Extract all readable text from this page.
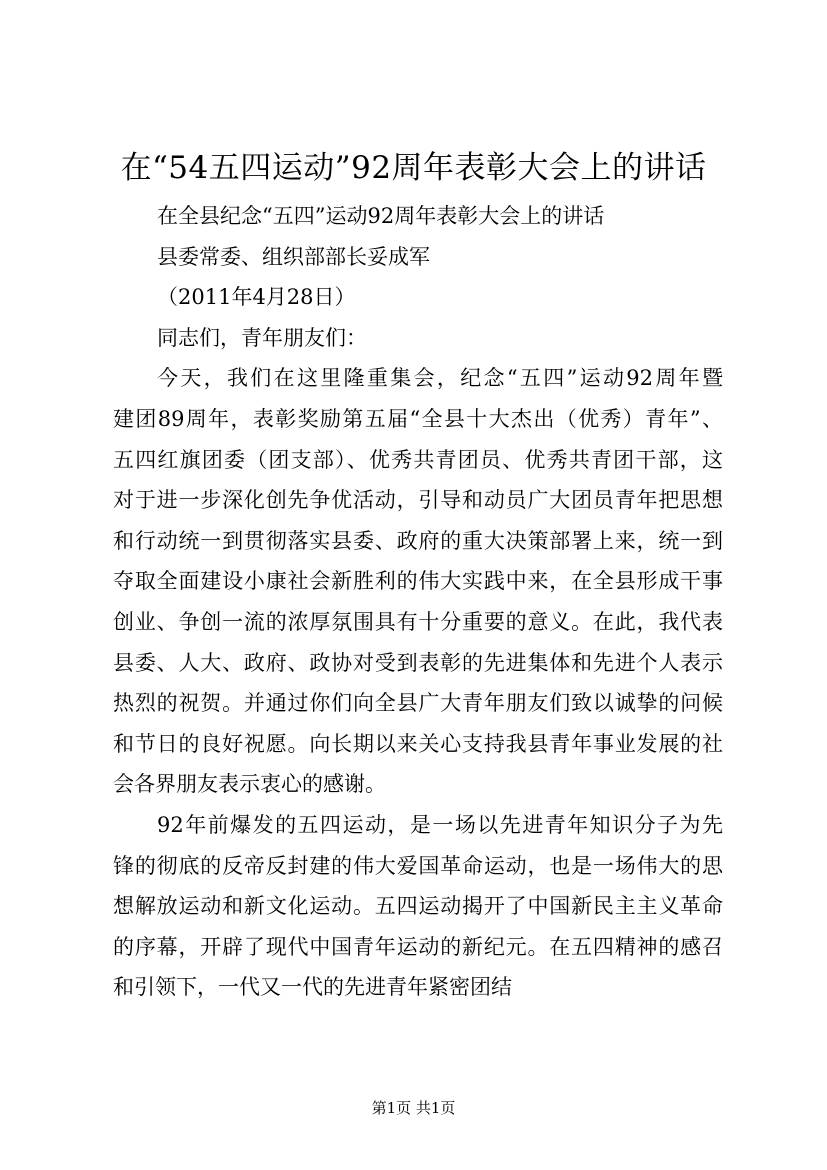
在“54五四运动”92周年表彰大会上的讲话
在全县纪念“五四”运动92周年表彰大会上的讲话
县委常委、组织部部长妥成军
（2011年4月28日）
同志们，青年朋友们：
今天，我们在这里隆重集会，纪念“五四”运动92周年暨
建团89周年，表彰奖励第五届“全县十大杰出（优秀）青年”、
五四红旗团委（团支部）、优秀共青团员、优秀共青团干部，这
对于进一步深化创先争优活动，引导和动员广大团员青年把思想
和行动统一到贯彻落实县委、政府的重大决策部署上来，统一到
夺取全面建设小康社会新胜利的伟大实践中来，在全县形成干事
创业、争创一流的浓厚氛围具有十分重要的意义。在此，我代表
县委、人大、政府、政协对受到表彰的先进集体和先进个人表示
热烈的祝贺。并通过你们向全县广大青年朋友们致以诚挚的问候
和节日的良好祝愿。向长期以来关心支持我县青年事业发展的社
会各界朋友表示衷心的感谢。
92年前爆发的五四运动，是一场以先进青年知识分子为先
锋的彻底的反帝反封建的伟大爱国革命运动，也是一场伟大的思
想解放运动和新文化运动。五四运动揭开了中国新民主主义革命
的序幕，开辟了现代中国青年运动的新纪元。在五四精神的感召
和引领下，一代又一代的先进青年紧密团结
第1页 共1页
